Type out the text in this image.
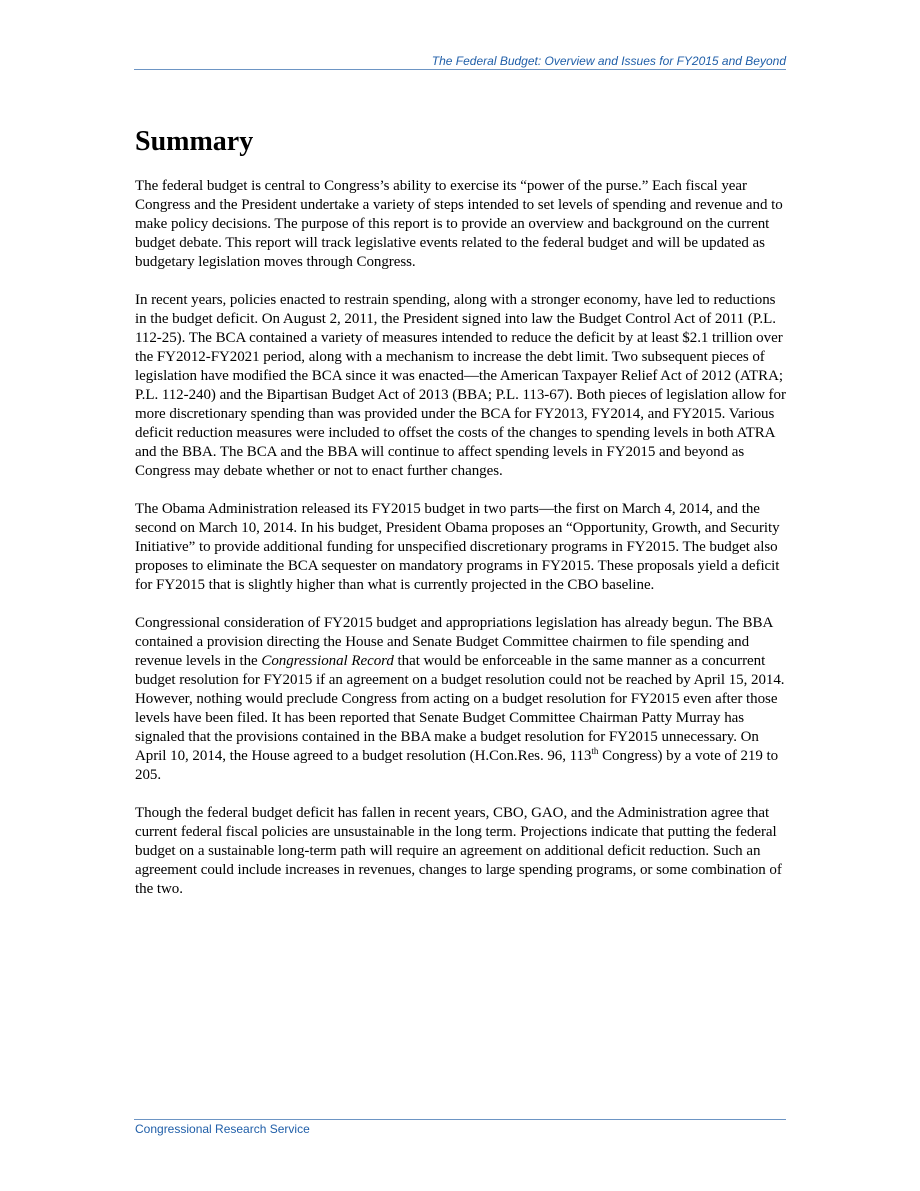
The Federal Budget: Overview and Issues for FY2015 and Beyond
Summary

The federal budget is central to Congress’s ability to exercise its “power of the purse.” Each fiscal year Congress and the President undertake a variety of steps intended to set levels of spending and revenue and to make policy decisions. The purpose of this report is to provide an overview and background on the current budget debate. This report will track legislative events related to the federal budget and will be updated as budgetary legislation moves through Congress.

In recent years, policies enacted to restrain spending, along with a stronger economy, have led to reductions in the budget deficit. On August 2, 2011, the President signed into law the Budget Control Act of 2011 (P.L. 112-25). The BCA contained a variety of measures intended to reduce the deficit by at least $2.1 trillion over the FY2012-FY2021 period, along with a mechanism to increase the debt limit. Two subsequent pieces of legislation have modified the BCA since it was enacted—the American Taxpayer Relief Act of 2012 (ATRA; P.L. 112-240) and the Bipartisan Budget Act of 2013 (BBA; P.L. 113-67). Both pieces of legislation allow for more discretionary spending than was provided under the BCA for FY2013, FY2014, and FY2015. Various deficit reduction measures were included to offset the costs of the changes to spending levels in both ATRA and the BBA. The BCA and the BBA will continue to affect spending levels in FY2015 and beyond as Congress may debate whether or not to enact further changes.

The Obama Administration released its FY2015 budget in two parts—the first on March 4, 2014, and the second on March 10, 2014. In his budget, President Obama proposes an “Opportunity, Growth, and Security Initiative” to provide additional funding for unspecified discretionary programs in FY2015. The budget also proposes to eliminate the BCA sequester on mandatory programs in FY2015. These proposals yield a deficit for FY2015 that is slightly higher than what is currently projected in the CBO baseline.

Congressional consideration of FY2015 budget and appropriations legislation has already begun. The BBA contained a provision directing the House and Senate Budget Committee chairmen to file spending and revenue levels in the Congressional Record that would be enforceable in the same manner as a concurrent budget resolution for FY2015 if an agreement on a budget resolution could not be reached by April 15, 2014. However, nothing would preclude Congress from acting on a budget resolution for FY2015 even after those levels have been filed. It has been reported that Senate Budget Committee Chairman Patty Murray has signaled that the provisions contained in the BBA make a budget resolution for FY2015 unnecessary. On April 10, 2014, the House agreed to a budget resolution (H.Con.Res. 96, 113th Congress) by a vote of 219 to 205.

Though the federal budget deficit has fallen in recent years, CBO, GAO, and the Administration agree that current federal fiscal policies are unsustainable in the long term. Projections indicate that putting the federal budget on a sustainable long-term path will require an agreement on additional deficit reduction. Such an agreement could include increases in revenues, changes to large spending programs, or some combination of the two.

Congressional Research Service
